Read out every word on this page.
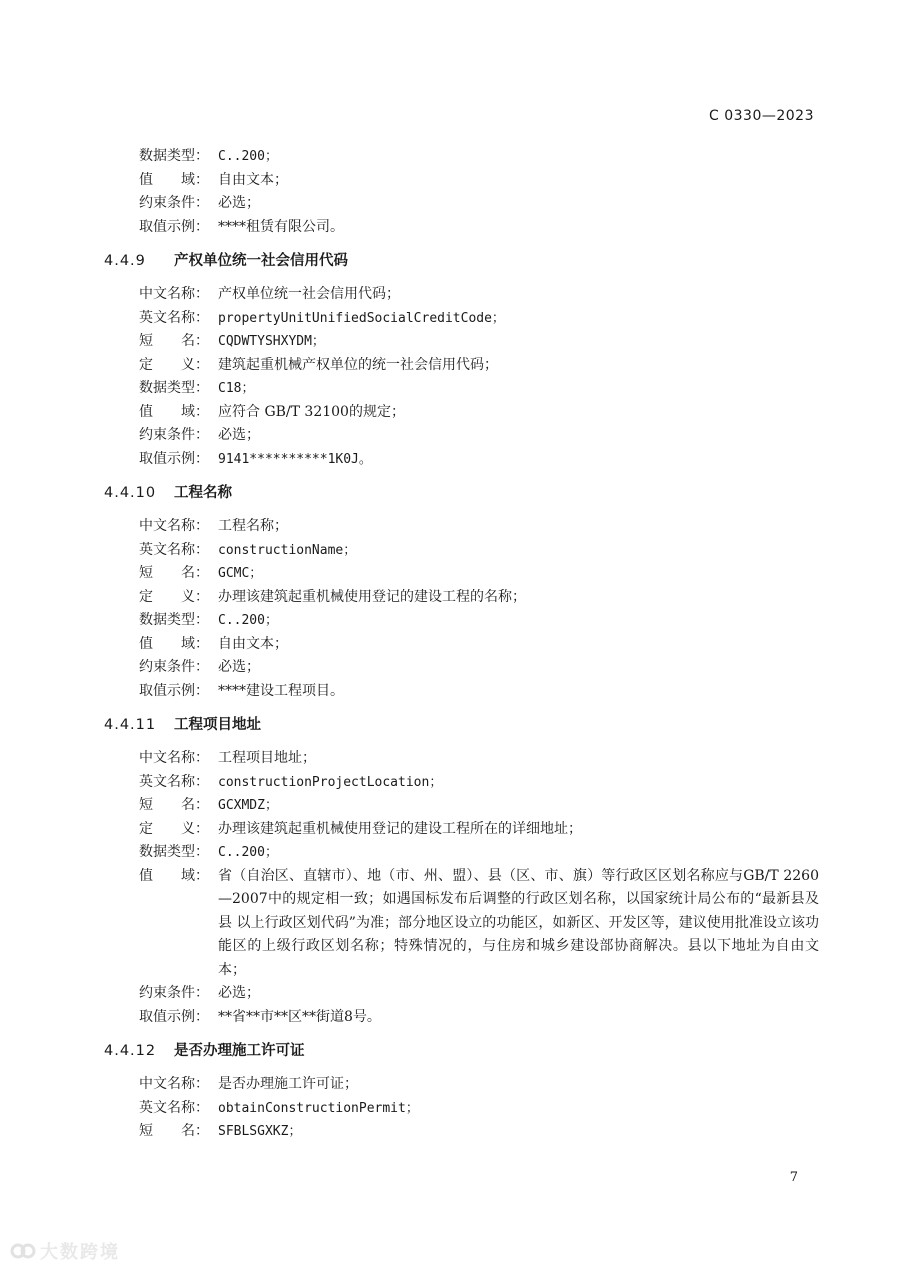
C 0330—2023
数据类型： C..200；
值　　域： 自由文本；
约束条件： 必选；
取值示例： ****租赁有限公司。
4.4.9 产权单位统一社会信用代码
中文名称： 产权单位统一社会信用代码；
英文名称： propertyUnitUnifiedSocialCreditCode；
短　　名： CQDWTYSHXYDM；
定　　义： 建筑起重机械产权单位的统一社会信用代码；
数据类型： C18；
值　　域： 应符合 GB/T 32100的规定；
约束条件： 必选；
取值示例： 9141**********1K0J。
4.4.10 工程名称
中文名称： 工程名称；
英文名称： constructionName；
短　　名： GCMC；
定　　义： 办理该建筑起重机械使用登记的建设工程的名称；
数据类型： C..200；
值　　域： 自由文本；
约束条件： 必选；
取值示例： ****建设工程项目。
4.4.11 工程项目地址
中文名称： 工程项目地址；
英文名称： constructionProjectLocation；
短　　名： GCXMDZ；
定　　义： 办理该建筑起重机械使用登记的建设工程所在的详细地址；
数据类型： C..200；
值　　域： 省（自治区、直辖市）、地（市、州、盟）、县（区、市、旗）等行政区区划名称应与GB/T 2260—2007中的规定相一致；如遇国标发布后调整的行政区划名称，以国家统计局公布的“最新县及县 以上行政区划代码”为准；部分地区设立的功能区，如新区、开发区等，建议使用批准设立该功能区的上级行政区划名称；特殊情况的，与住房和城乡建设部协商解决。县以下地址为自由文本；
约束条件： 必选；
取值示例： **省**市**区**街道8号。
4.4.12 是否办理施工许可证
中文名称： 是否办理施工许可证；
英文名称： obtainConstructionPermit；
短　　名： SFBLSGXKZ；
7
大数跨境
